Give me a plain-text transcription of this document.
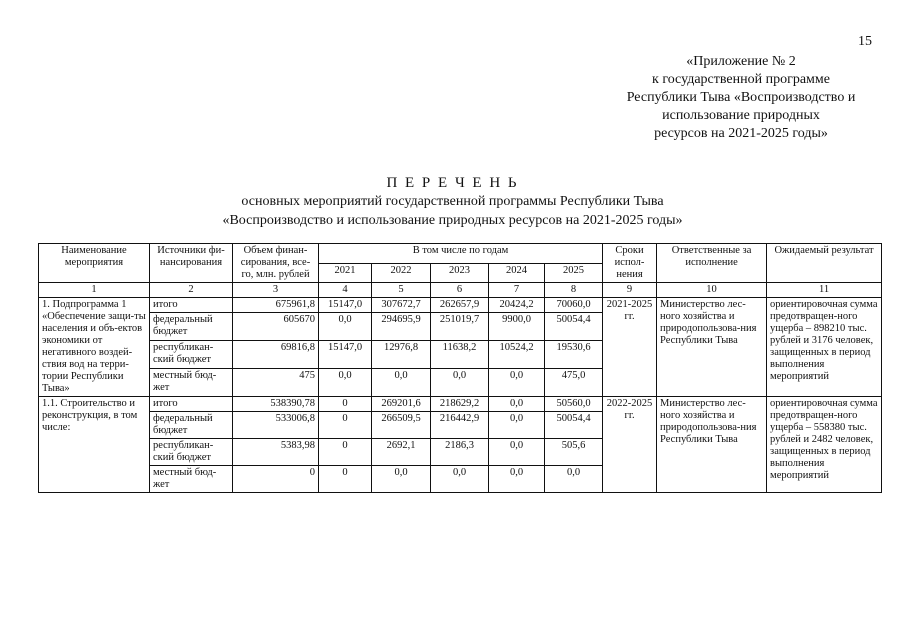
15
«Приложение № 2
к государственной программе
Республики Тыва «Воспроизводство и
использование природных
ресурсов на 2021-2025 годы»
П Е Р Е Ч Е Н Ь
основных мероприятий государственной программы Республики Тыва
«Воспроизводство и использование природных ресурсов на 2021-2025 годы»
Наименование мероприятия	Источники фи-нансирования	Объем финан-сирования, все-го, млн. рублей	В том числе по годам					Сроки испол-нения	Ответственные за исполнение	Ожидаемый результат
			2021	2022	2023	2024	2025			
1	2	3	4	5	6	7	8	9	10	11
1. Подпрограмма 1 «Обеспечение защи-ты населения и объ-ектов экономики от негативного воздей-ствия вод на терри-тории Республики Тыва»	итого	675961,8	15147,0	307672,7	262657,9	20424,2	70060,0	2021-2025 гг.	Министерство лес-ного хозяйства и природопользова-ния Республики Тыва	ориентировочная сумма предотвращен-ного ущерба – 898210 тыс. рублей и 3176 человек, защищенных в период выполнения мероприятий
	федеральный бюджет	605670	0,0	294695,9	251019,7	9900,0	50054,4			
	республикан-ский бюджет	69816,8	15147,0	12976,8	11638,2	10524,2	19530,6			
	местный бюд-жет	475	0,0	0,0	0,0	0,0	475,0			
1.1. Строительство и реконструкция, в том числе:	итого	538390,78	0	269201,6	218629,2	0,0	50560,0	2022-2025 гг.	Министерство лес-ного хозяйства и природопользова-ния Республики Тыва	ориентировочная сумма предотвращен-ного ущерба – 558380 тыс. рублей и 2482 человек, защищенных в период выполнения мероприятий
	федеральный бюджет	533006,8	0	266509,5	216442,9	0,0	50054,4			
	республикан-ский бюджет	5383,98	0	2692,1	2186,3	0,0	505,6			
	местный бюд-жет	0	0	0,0	0,0	0,0	0,0			
